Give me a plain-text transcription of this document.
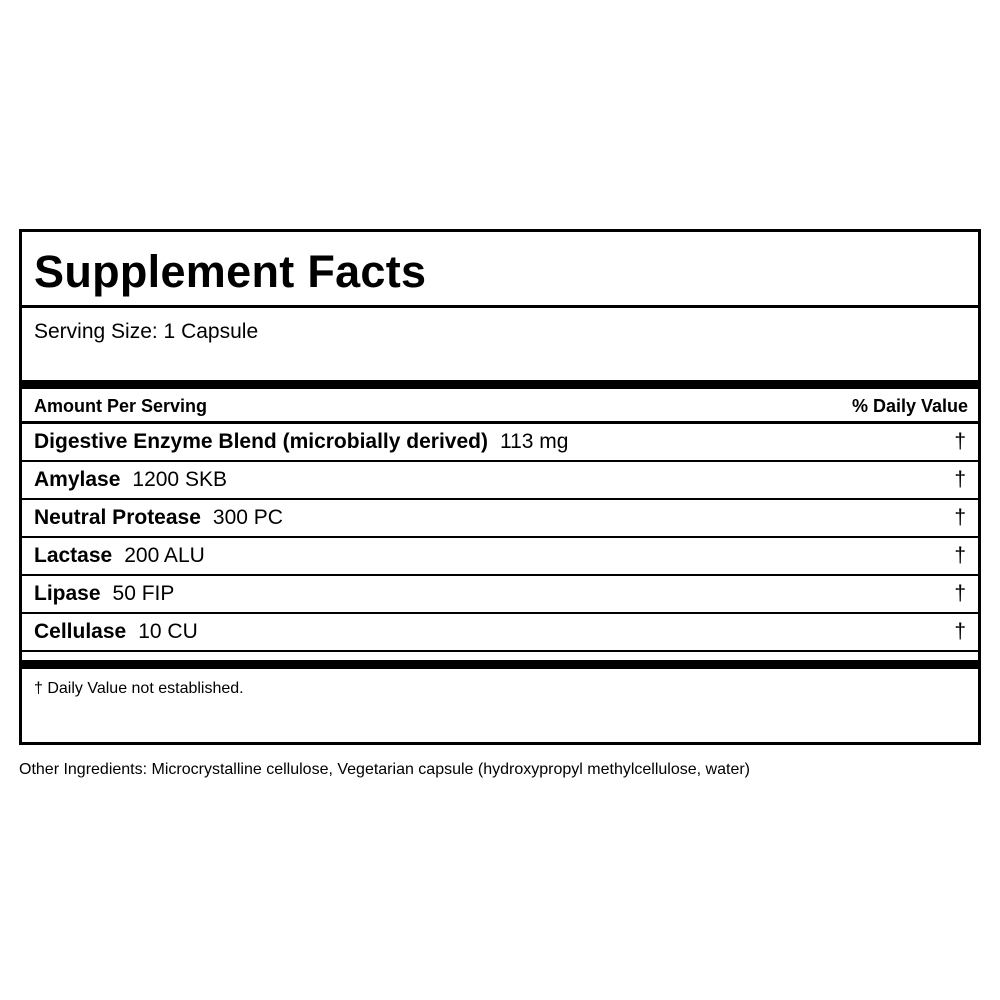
Supplement Facts
Serving Size: 1 Capsule
Amount Per Serving	% Daily Value
Digestive Enzyme Blend (microbially derived) 113 mg	†
Amylase 1200 SKB	†
Neutral Protease 300 PC	†
Lactase 200 ALU	†
Lipase 50 FIP	†
Cellulase 10 CU	†
† Daily Value not established.
Other Ingredients: Microcrystalline cellulose, Vegetarian capsule (hydroxypropyl methylcellulose, water)
